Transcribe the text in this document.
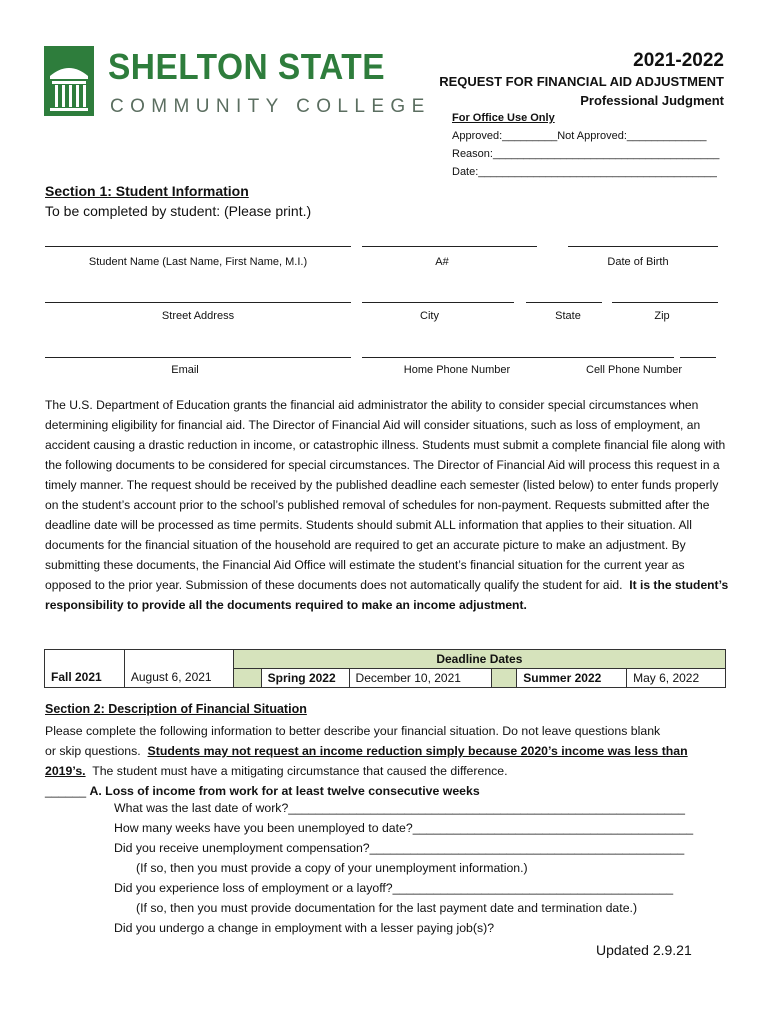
SHELTON STATE
COMMUNITY COLLEGE
2021-2022
REQUEST FOR FINANCIAL AID ADJUSTMENT
Professional Judgment
For Office Use Only
Approved:_________Not Approved:_____________
Reason:_____________________________________
Date:_______________________________________
Section 1: Student Information
To be completed by student: (Please print.)
Student Name (Last Name, First Name, M.I.)	A#	Date of Birth
Street Address	City	State	Zip
Email	Home Phone Number	Cell Phone Number
The U.S. Department of Education grants the financial aid administrator the ability to consider special circumstances when determining eligibility for financial aid. The Director of Financial Aid will consider situations, such as loss of employment, an accident causing a drastic reduction in income, or catastrophic illness. Students must submit a complete financial file along with the following documents to be considered for special circumstances. The Director of Financial Aid will process this request in a timely manner. The request should be received by the published deadline each semester (listed below) to enter funds properly on the student’s account prior to the school’s published removal of schedules for non-payment. Requests submitted after the deadline date will be processed as time permits. Students should submit ALL information that applies to their situation. All documents for the financial situation of the household are required to get an accurate picture to make an adjustment. By submitting these documents, the Financial Aid Office will estimate the student’s financial situation for the current year as opposed to the prior year. Submission of these documents does not automatically qualify the student for aid. It is the student’s responsibility to provide all the documents required to make an income adjustment.
		Deadline Dates					
Fall 2021	August 6, 2021		Spring 2022	December 10, 2021		Summer 2022	May 6, 2022
Section 2: Description of Financial Situation
Please complete the following information to better describe your financial situation. Do not leave questions blank
or skip questions. Students may not request an income reduction simply because 2020’s income was less than
2019’s. The student must have a mitigating circumstance that caused the difference.
______ A. Loss of income from work for at least twelve consecutive weeks
What was the last date of work?__________________________________________________________
How many weeks have you been unemployed to date?_________________________________________
Did you receive unemployment compensation?______________________________________________
(If so, then you must provide a copy of your unemployment information.)
Did you experience loss of employment or a layoff?_________________________________________
(If so, then you must provide documentation for the last payment date and termination date.)
Did you undergo a change in employment with a lesser paying job(s)?
Updated 2.9.21
